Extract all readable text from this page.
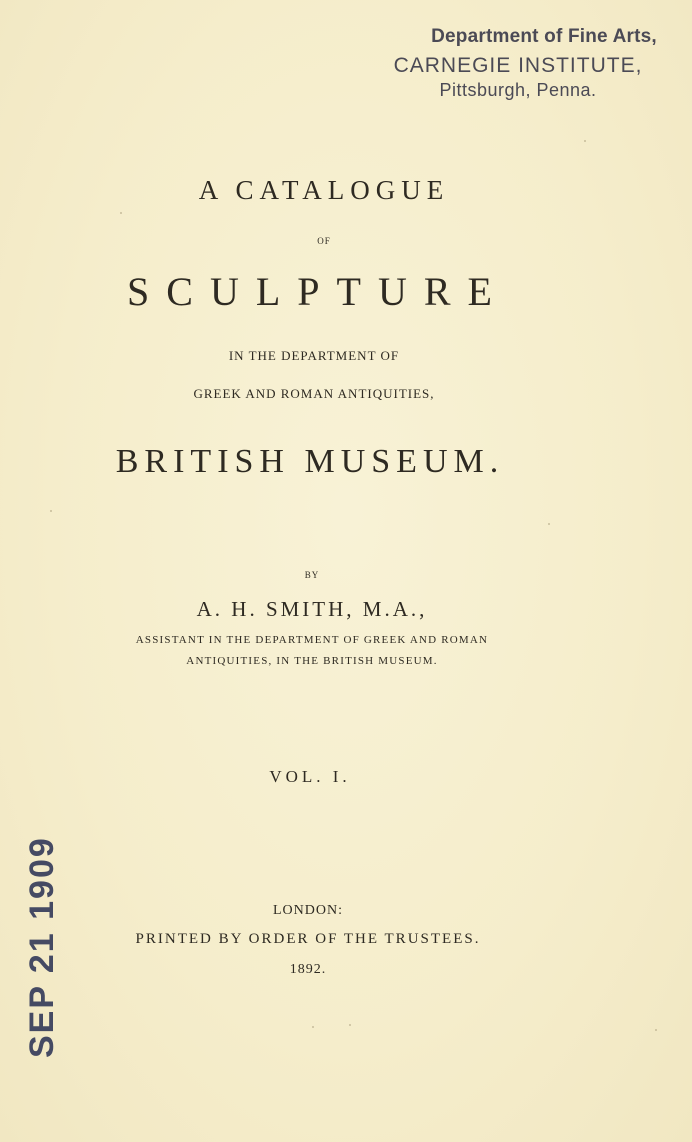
Department of Fine Arts,
CARNEGIE INSTITUTE,
Pittsburgh, Penna.
A CATALOGUE
OF
SCULPTURE
IN THE DEPARTMENT OF
GREEK AND ROMAN ANTIQUITIES,
BRITISH MUSEUM.
BY
A. H. SMITH, M.A.,
ASSISTANT IN THE DEPARTMENT OF GREEK AND ROMAN
ANTIQUITIES, IN THE BRITISH MUSEUM.
VOL. I.
LONDON:
PRINTED BY ORDER OF THE TRUSTEES.
1892.
SEP 21 1909
